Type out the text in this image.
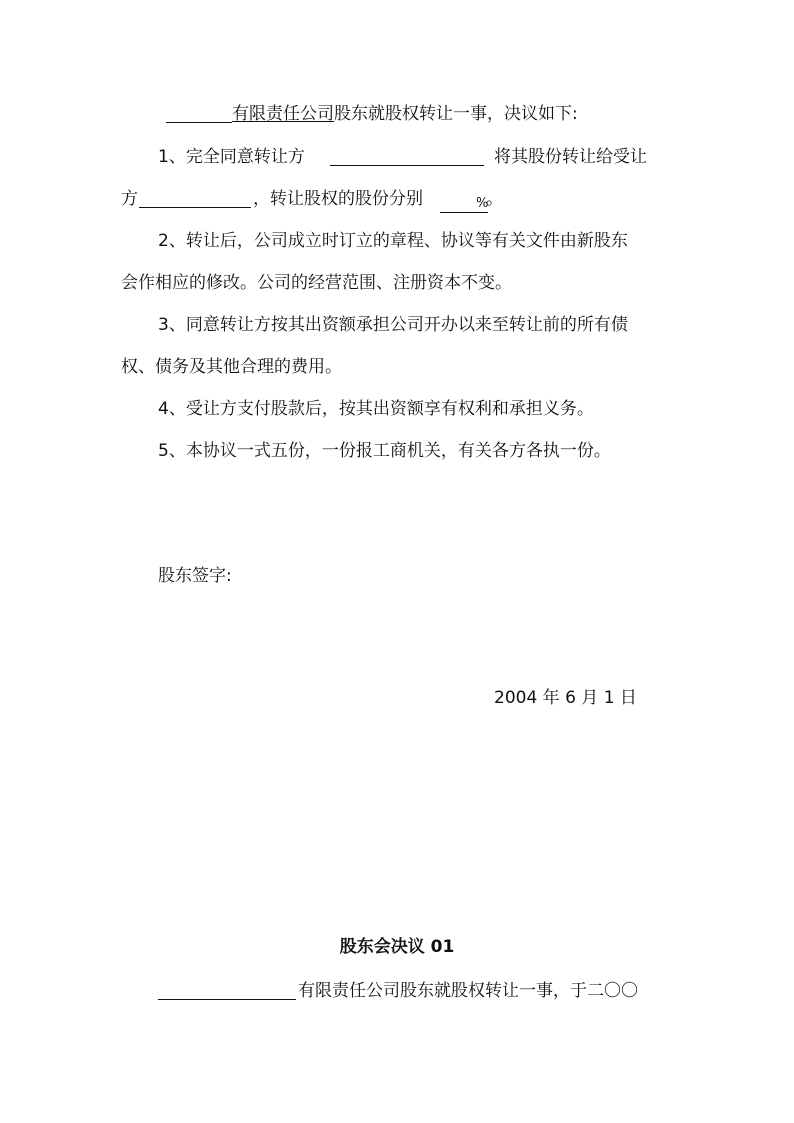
有限责任公司股东就股权转让一事，决议如下:
1、完全同意转让方	将其股份转让给受让
方	，转让股权的股份分别	%
。
2、转让后，公司成立时订立的章程、协议等有关文件由新股东
会作相应的修改。公司的经营范围、注册资本不变。
3、同意转让方按其出资额承担公司开办以来至转让前的所有债
权、债务及其他合理的费用。
4、受让方支付股款后，按其出资额享有权利和承担义务。
5、本协议一式五份，一份报工商机关，有关各方各执一份。
股东签字:
2004 年 6 月 1 日
股东会决议 01
有限责任公司股东就股权转让一事，于二〇〇
